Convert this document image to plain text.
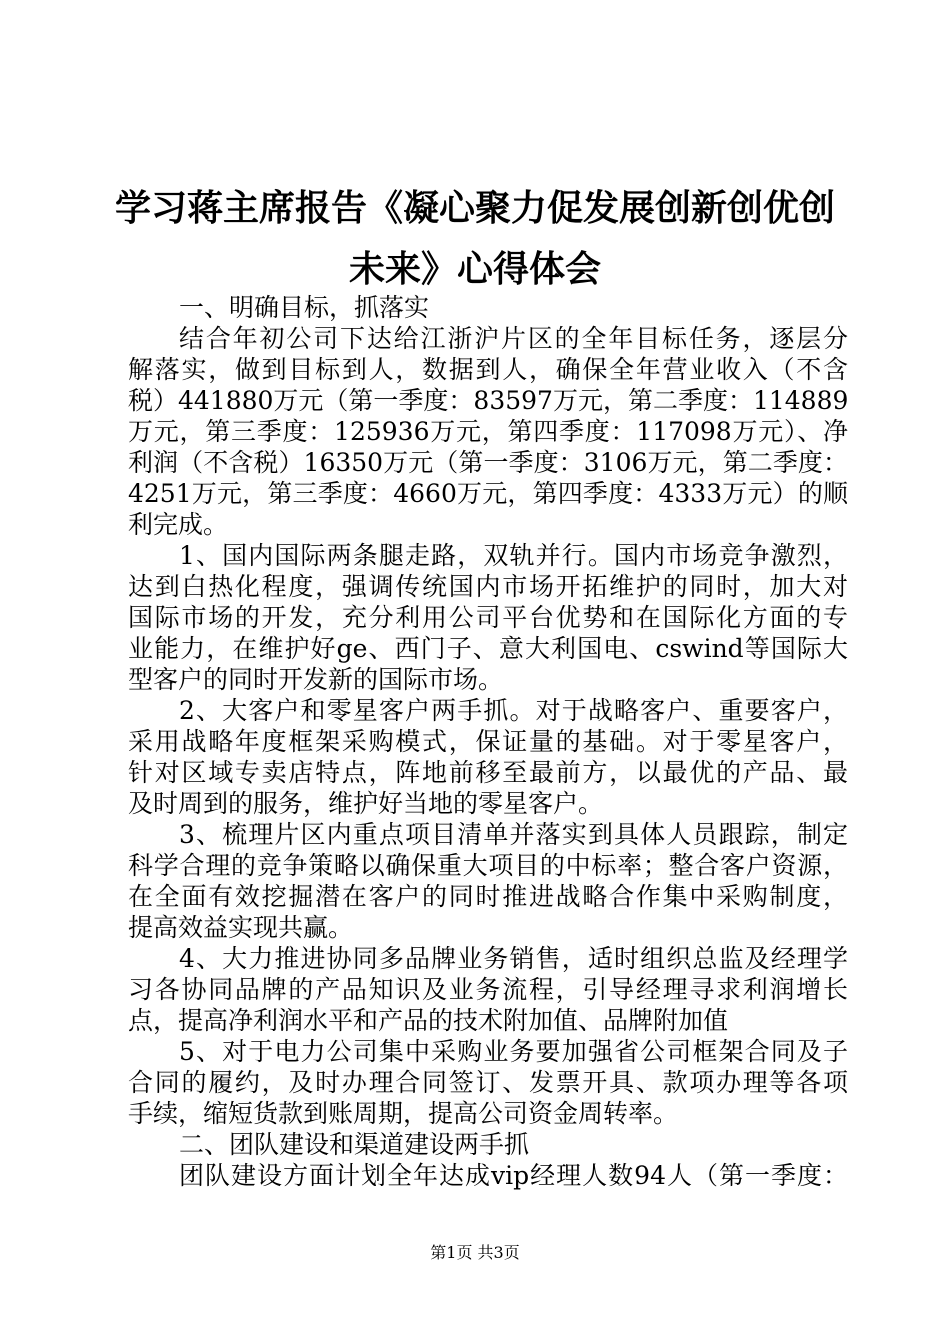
学习蒋主席报告《凝心聚力促发展创新创优创
未来》心得体会
一、明确目标，抓落实
结合年初公司下达给江浙沪片区的全年目标任务，逐层分
解落实，做到目标到人，数据到人，确保全年营业收入（不含
税）441880万元（第一季度：83597万元，第二季度：114889
万元，第三季度：125936万元，第四季度：117098万元）、净
利润（不含税）16350万元（第一季度：3106万元，第二季度：
4251万元，第三季度：4660万元，第四季度：4333万元）的顺
利完成。
1、国内国际两条腿走路，双轨并行。国内市场竞争激烈，
达到白热化程度，强调传统国内市场开拓维护的同时，加大对
国际市场的开发，充分利用公司平台优势和在国际化方面的专
业能力，在维护好ge、西门子、意大利国电、cswind等国际大
型客户的同时开发新的国际市场。
2、大客户和零星客户两手抓。对于战略客户、重要客户，
采用战略年度框架采购模式，保证量的基础。对于零星客户，
针对区域专卖店特点，阵地前移至最前方，以最优的产品、最
及时周到的服务，维护好当地的零星客户。
3、梳理片区内重点项目清单并落实到具体人员跟踪，制定
科学合理的竞争策略以确保重大项目的中标率；整合客户资源，
在全面有效挖掘潜在客户的同时推进战略合作集中采购制度，
提高效益实现共赢。
4、大力推进协同多品牌业务销售，适时组织总监及经理学
习各协同品牌的产品知识及业务流程，引导经理寻求利润增长
点，提高净利润水平和产品的技术附加值、品牌附加值
5、对于电力公司集中采购业务要加强省公司框架合同及子
合同的履约，及时办理合同签订、发票开具、款项办理等各项
手续，缩短货款到账周期，提高公司资金周转率。
二、团队建设和渠道建设两手抓
团队建设方面计划全年达成vip经理人数94人（第一季度：
第1页 共3页
